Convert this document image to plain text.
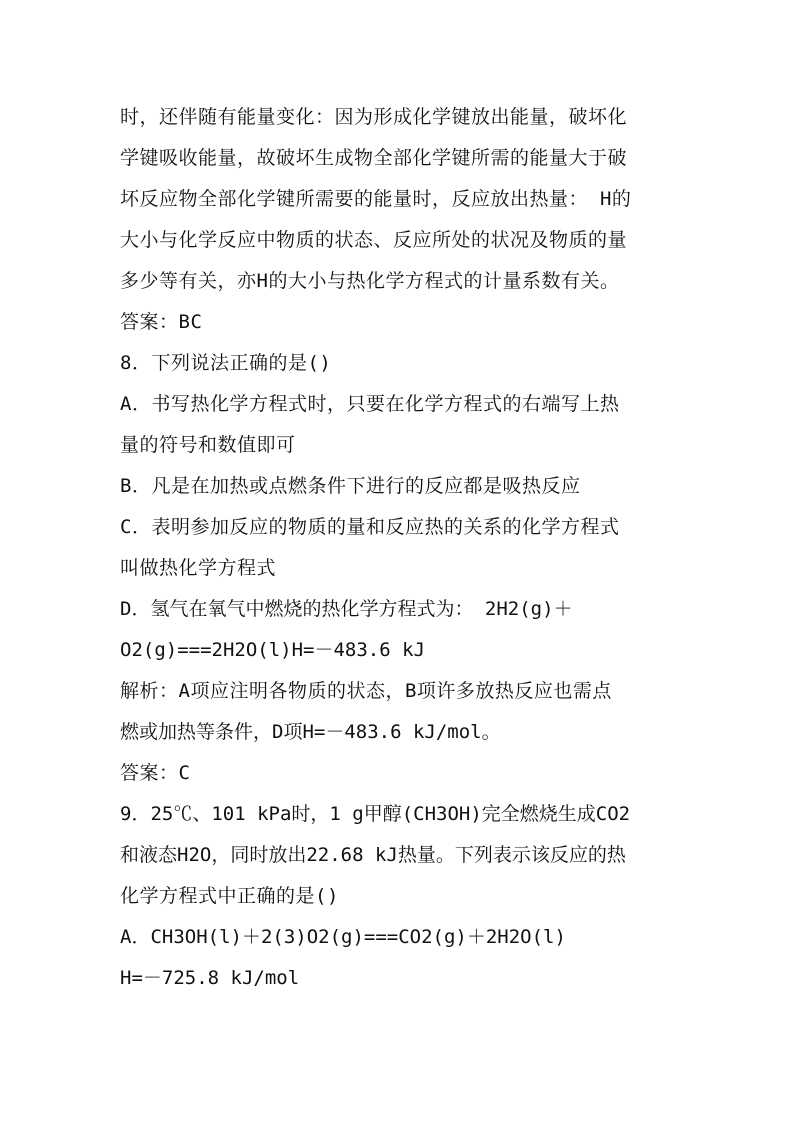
时，还伴随有能量变化：因为形成化学键放出能量，破坏化
学键吸收能量，故破坏生成物全部化学键所需的能量大于破
坏反应物全部化学键所需要的能量时，反应放出热量： H的
大小与化学反应中物质的状态、反应所处的状况及物质的量
多少等有关，亦H的大小与热化学方程式的计量系数有关。
答案：BC
8．下列说法正确的是()
A．书写热化学方程式时，只要在化学方程式的右端写上热
量的符号和数值即可
B．凡是在加热或点燃条件下进行的反应都是吸热反应
C．表明参加反应的物质的量和反应热的关系的化学方程式
叫做热化学方程式
D．氢气在氧气中燃烧的热化学方程式为： 2H2(g)＋
O2(g)===2H2O(l)H=－483.6 kJ
解析：A项应注明各物质的状态，B项许多放热反应也需点
燃或加热等条件，D项H=－483.6 kJ/mol。
答案：C
9．25℃、101 kPa时，1 g甲醇(CH3OH)完全燃烧生成CO2
和液态H2O，同时放出22.68 kJ热量。下列表示该反应的热
化学方程式中正确的是()
A．CH3OH(l)＋2(3)O2(g)===CO2(g)＋2H2O(l)
H=－725.8 kJ/mol
